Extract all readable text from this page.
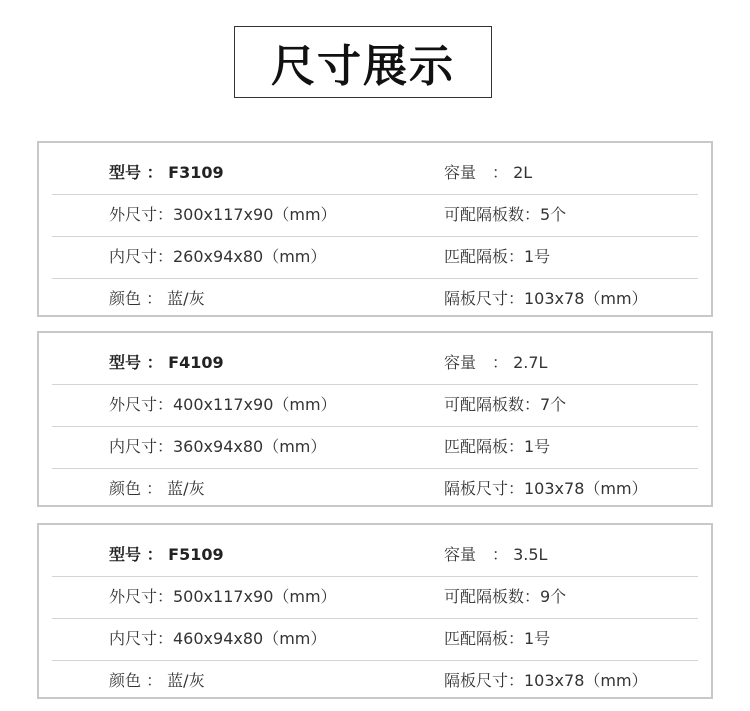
尺寸展示
型号 ： F3109	容量　： 2L
外尺寸：300x117x90（mm）	可配隔板数：5个
内尺寸：260x94x80（mm）	匹配隔板：1号
颜色 ： 蓝/灰	隔板尺寸：103x78（mm）
型号 ： F4109	容量　： 2.7L
外尺寸：400x117x90（mm）	可配隔板数：7个
内尺寸：360x94x80（mm）	匹配隔板：1号
颜色 ： 蓝/灰	隔板尺寸：103x78（mm）
型号 ： F5109	容量　： 3.5L
外尺寸：500x117x90（mm）	可配隔板数：9个
内尺寸：460x94x80（mm）	匹配隔板：1号
颜色 ： 蓝/灰	隔板尺寸：103x78（mm）
